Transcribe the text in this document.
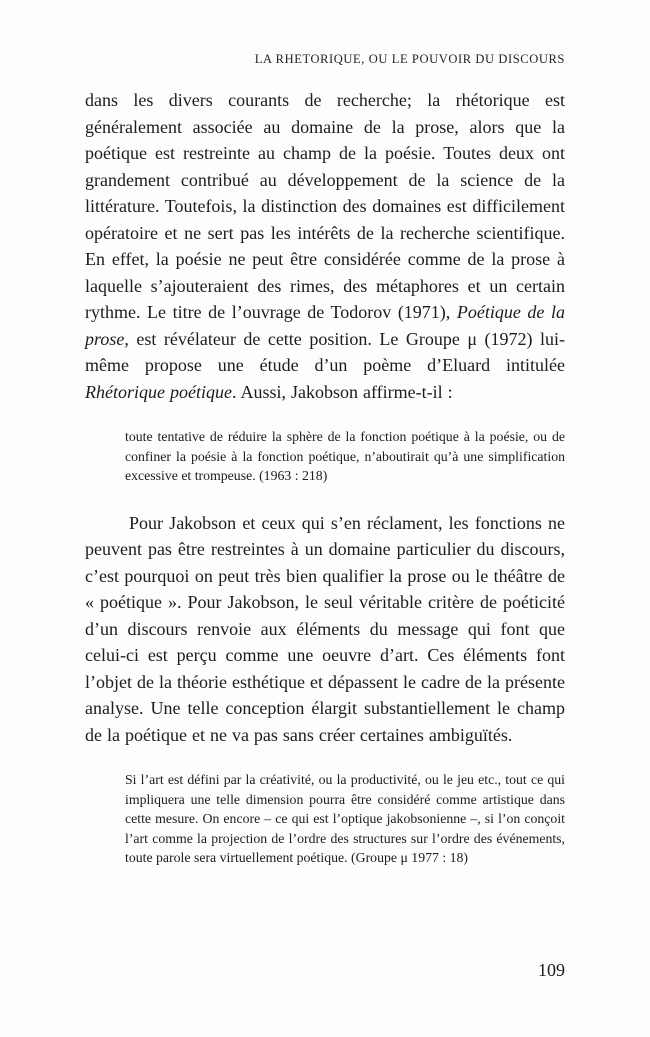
LA RHETORIQUE, OU LE POUVOIR DU DISCOURS

dans les divers courants de recherche; la rhétorique est généralement associée au domaine de la prose, alors que la poétique est restreinte au champ de la poésie. Toutes deux ont grandement contribué au développement de la science de la littérature. Toutefois, la distinction des domaines est difficilement opératoire et ne sert pas les intérêts de la recherche scientifique. En effet, la poésie ne peut être considérée comme de la prose à laquelle s’ajouteraient des rimes, des métaphores et un certain rythme. Le titre de l’ouvrage de Todorov (1971), Poétique de la prose, est révélateur de cette position. Le Groupe μ (1972) lui-même propose une étude d’un poème d’Eluard intitulée Rhétorique poétique. Aussi, Jakobson affirme-t-il :

toute tentative de réduire la sphère de la fonction poétique à la poésie, ou de confiner la poésie à la fonction poétique, n’aboutirait qu’à une simplification excessive et trompeuse. (1963 : 218)

Pour Jakobson et ceux qui s’en réclament, les fonctions ne peuvent pas être restreintes à un domaine particulier du discours, c’est pourquoi on peut très bien qualifier la prose ou le théâtre de « poétique ». Pour Jakobson, le seul véritable critère de poéticité d’un discours renvoie aux éléments du message qui font que celui-ci est perçu comme une oeuvre d’art. Ces éléments font l’objet de la théorie esthétique et dépassent le cadre de la présente analyse. Une telle conception élargit substantiellement le champ de la poétique et ne va pas sans créer certaines ambiguïtés.

Si l’art est défini par la créativité, ou la productivité, ou le jeu etc., tout ce qui impliquera une telle dimension pourra être considéré comme artistique dans cette mesure. On encore – ce qui est l’optique jakobsonienne –, si l’on conçoit l’art comme la projection de l’ordre des structures sur l’ordre des événements, toute parole sera virtuellement poétique. (Groupe μ 1977 : 18)
109
